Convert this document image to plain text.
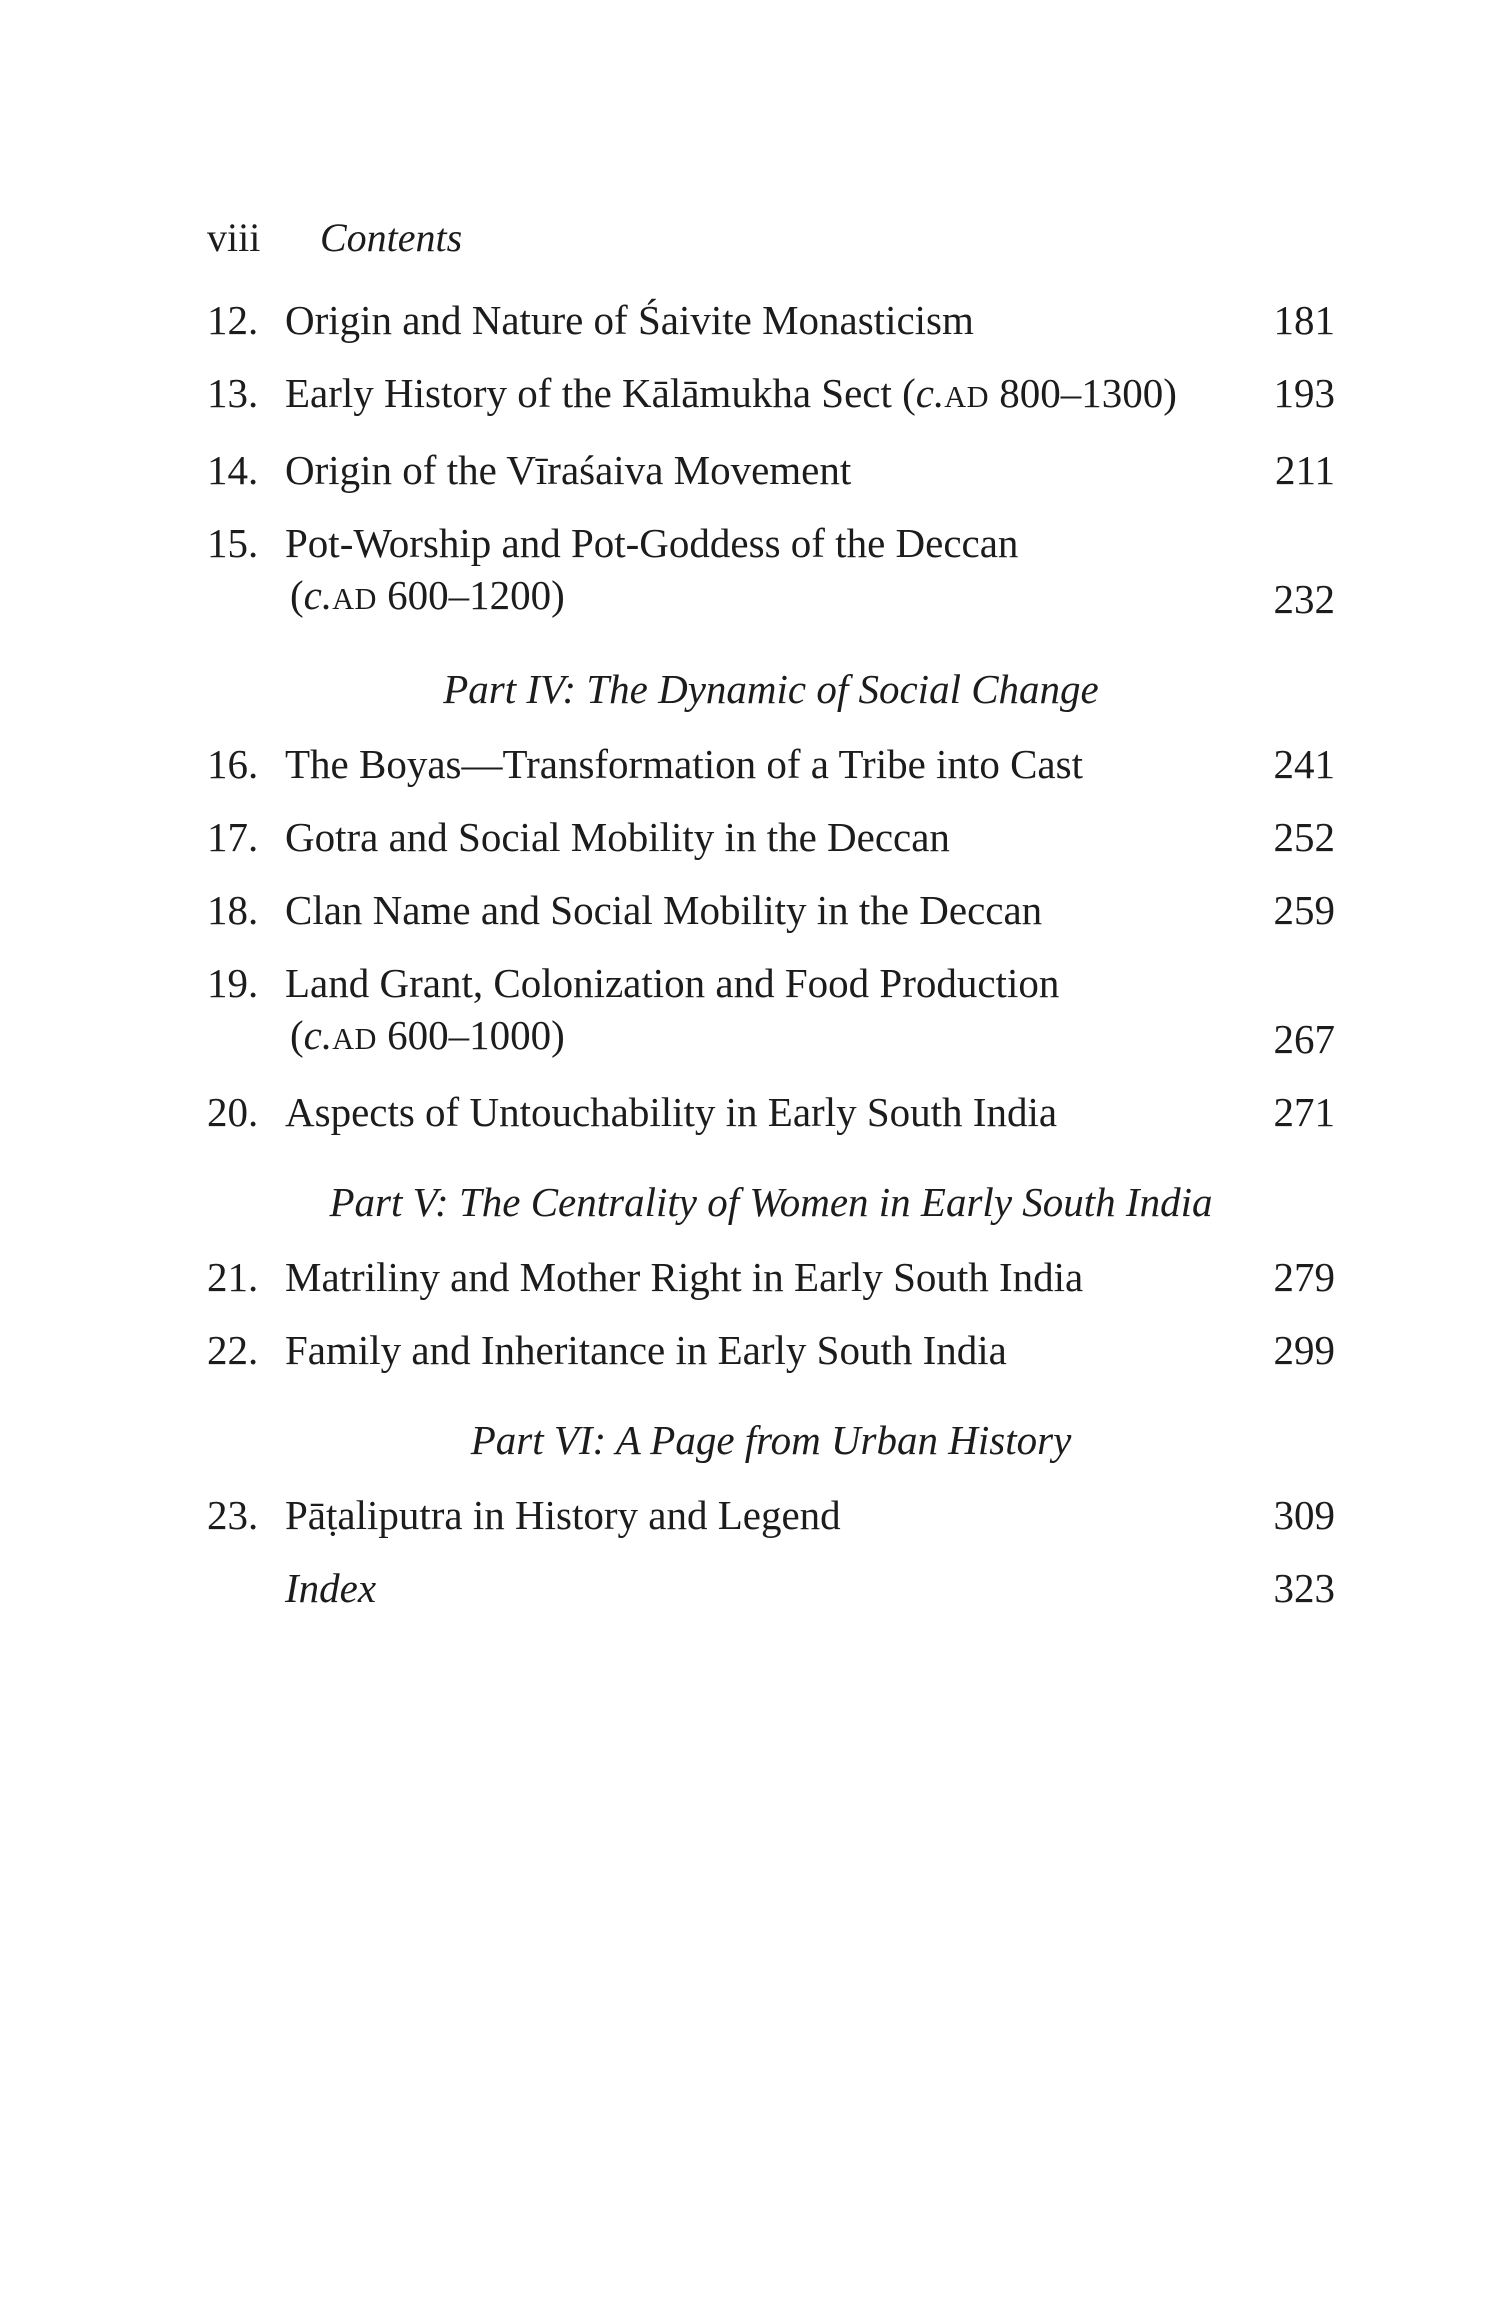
viii	Contents
12. Origin and Nature of Śaivite Monasticism	181
13. Early History of the Kālāmukha Sect (c.AD 800–1300) 193
14. Origin of the Vīraśaiva Movement	211
15. Pot-Worship and Pot-Goddess of the Deccan
(c.AD 600–1200)	232
Part IV: The Dynamic of Social Change
16. The Boyas—Transformation of a Tribe into Cast	241
17. Gotra and Social Mobility in the Deccan	252
18. Clan Name and Social Mobility in the Deccan	259
19. Land Grant, Colonization and Food Production
(c.AD 600–1000)	267
20. Aspects of Untouchability in Early South India	271
Part V: The Centrality of Women in Early South India
21. Matriliny and Mother Right in Early South India	279
22. Family and Inheritance in Early South India	299
Part VI: A Page from Urban History
23. Pāṭaliputra in History and Legend	309
Index	323
